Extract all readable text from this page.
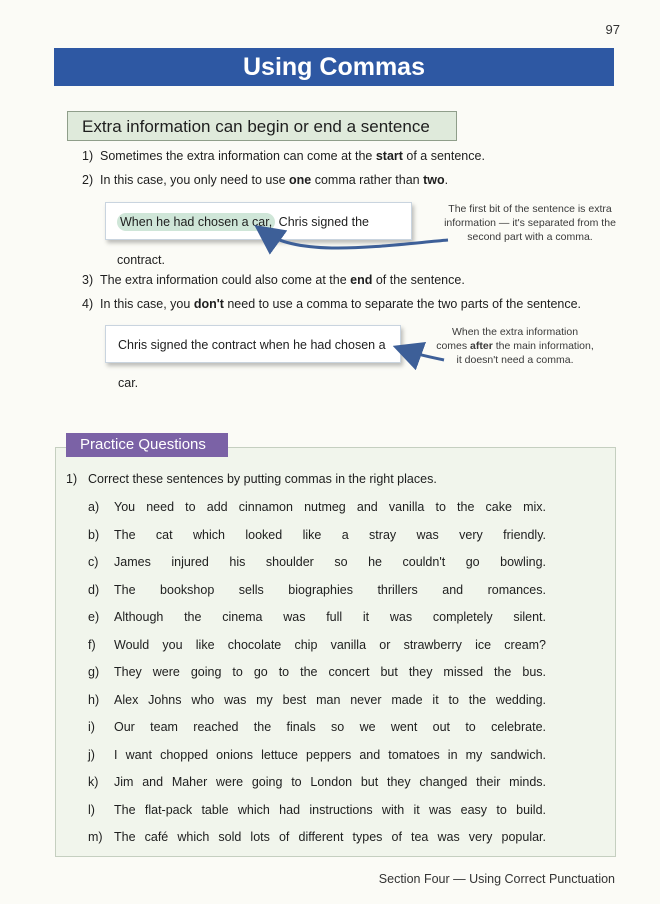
97
Using Commas
Extra information can begin or end a sentence
1) Sometimes the extra information can come at the start of a sentence.
2) In this case, you only need to use one comma rather than two.
When he had chosen a car, Chris signed the contract.
The first bit of the sentence is extra
information — it's separated from the
second part with a comma.
3) The extra information could also come at the end of the sentence.
4) In this case, you don't need to use a comma to separate the two parts of the sentence.
Chris signed the contract when he had chosen a car.
When the extra information
comes after the main information,
it doesn't need a comma.
Practice Questions
1) Correct these sentences by putting commas in the right places.
a) You need to add cinnamon nutmeg and vanilla to the cake mix.
b) The cat which looked like a stray was very friendly.
c) James injured his shoulder so he couldn't go bowling.
d) The bookshop sells biographies thrillers and romances.
e) Although the cinema was full it was completely silent.
f) Would you like chocolate chip vanilla or strawberry ice cream?
g) They were going to go to the concert but they missed the bus.
h) Alex Johns who was my best man never made it to the wedding.
i) Our team reached the finals so we went out to celebrate.
j) I want chopped onions lettuce peppers and tomatoes in my sandwich.
k) Jim and Maher were going to London but they changed their minds.
l) The flat-pack table which had instructions with it was easy to build.
m) The café which sold lots of different types of tea was very popular.
Section Four — Using Correct Punctuation
